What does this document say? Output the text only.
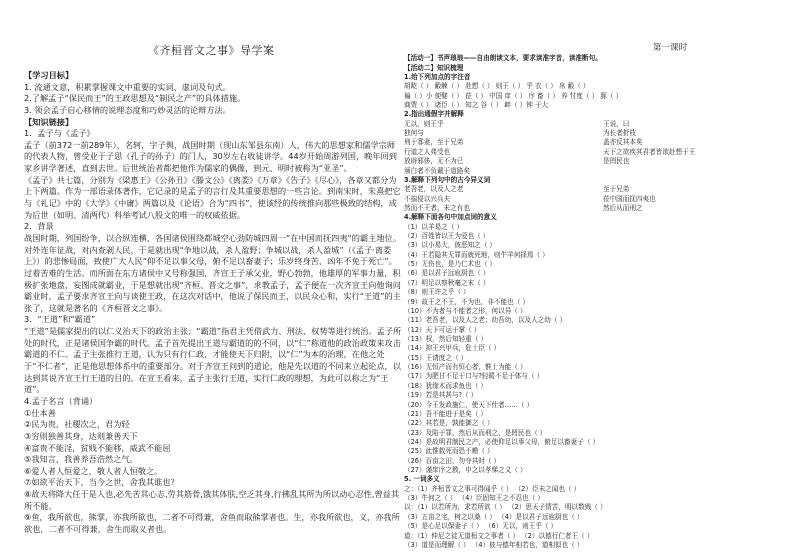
《齐桓晋文之事》导学案
【学习目标】
1. 流通文意，积累掌握课文中重要的实词、虚词及句式。
2.了解孟子“保民而王”的王政思想及“制民之产”的具体措施。
3. 领会孟子启心移情的说理态度和巧妙灵活的论辩方法。
【知识链接】
1．孟子与《孟子》
孟子（前372一前289年），名轲，字子舆，战国时期（现山东邹县东南）人，伟大的思想家和儒学宗师的代表人物，曾受业于子思（孔子的孙子）的门人，30岁左右收徒讲学。44岁开始周游列国，晚年回到家乡讲学著述，直到去世。后世统治者都把他作为儒家的偶像，到元、明时被称为“亚圣”。
《孟子》共七篇，分别为《梁惠王》《公孙丑》《滕文公》《离娄》《万章》《告子》《尽心》，各章又都分为上下两篇。作为一部语录体著作，它记录的是孟子的言行及其重要思想的一些言论。到南宋时，朱熹把它与《礼记》中的《大学》《中庸》两篇以及《论语》合为“四书”，使该经的传统推向那些极致的结构，成为后世（如明、清两代）科举考试八股文的唯一的权威依据。
2．背景
战国时期，列国纷争，以合纵连横，各国诸侯围绕都城空心劲防城四周一“在中国而抚四夷”的霸主地位。对外连年征战，对内查剥人民，于是就出现“争地以战，杀人盈野；争城以战，杀人盈城”（《孟子·离娄上》）的悲惨局面，致使广大人民“仰不足以事父母，俯不足以畜妻子；乐岁终身苦，凶年不免于死亡”。过着苦难的生活。而所面在东方诸侯中又号称强国，齐宣王子承父业，野心勃勃，他雄厚的军事力量，积极扩张地盘，妄图成就霸业，于是想就出现“齐桓、晋文之事”，求教孟子，孟子便在一次齐宣王向他询问霸业时，孟子要求齐宣王向与谈使王政，在这次对话中，他说了保民而王，以民众心和，实行“王道”的主张了，这就是著名的《齐桓晋文之事》。
3．“王道”和“霸道”
“王道”是儒家提出的以仁义治天下的政治主张；“霸道”指君主凭借武力、刑法、权势等进行统治。孟子所处的时代，正是诸侯国争霸的时代。孟子首先提出王道与霸道的的不同，以“仁”称道他的政治政策来攻击霸道的不仁。孟子主张推行王道，认为只有行仁政，才能使天下归附，以“仁”为本的治理，在他之处于“不仁者”，正是他思想体系中的重要部分。对于齐宣王问到的道论，他是先以道的不同来立起论点，以达到其说齐宣王行王道的目的。在宣王看来，孟子主张行王道，实行仁政的理想，为此可以称之为“王道”。
4.孟子名言（背诵）
①仕本善
②民为贵，社稷次之，君为轻
③穷则独善其身，达则兼善天下
④富贵不能淫，贫贱不能移，威武不能屈
⑤我知言，我善养吾浩然之气。
⑥爱人者人恒爱之，敬人者人恒敬之。
⑦如欲平治天下，当今之世，舍我其谁也？
⑧故天将降大任于是人也,必先苦其心志,劳其筋骨,饿其体肤,空乏其身,行拂乱其所为所以动心忍性,曾益其所不能。
⑨鱼，我所欲也，熊掌，亦我所欲也，二者不可得兼，舍鱼而取熊掌者也。生，亦我所欲也，义，亦我所欲也，二者不可得兼，舍生而取义者也。
第一课时
【活动一】书声琅琅——自由朗读文本，要求读准字音，读准断句。
【活动二】知识梳理
1.给下列加点的字注音
胡龁（ ） 觳觫（ ） 赴愬（ ） 则王（ ） 乎 衣（ ） 帛 觳（ ）
褊（ ）小 便嬖（ ） 莅（ ） 中国 庠（ ） 序 畜（ ） 养 忖度（ ） 豚（ ）
商贾（ ） 诸臣（ ） 知之 谷（ ） 衅（ ）钟 于大
2.指出通假字并解释
无以，则王乎
独何与
刑于寡妻，至于兄弟
行道之人弗受也
放辟邪侈，无不为已
颁白者不负戴于道路矣
王说，曰
为长者折枝
盖亦反其本矣
天下之欲疾其君者皆欲赴想于王
是罔民也
3.解释下列句中的古今异义词
老吾老，以及人之老
不揣侵以兴兵夫
然而不王者，未之有也
至于兄弟
莅中国而抚四夷也
然后从而刑之
4.解释下面各句中加点词的意义
（1）以羊易之（ ）
（2）百姓皆以王为爱也（ ）
（3）以小易大，彼恶知之（ ）
（4）王若隐其无罪而就死地，则牛羊何择焉（ ）
（5）无伤也，是乃仁术也（ ）
（6）是以君子远庖厨也（ ）
（7）明足以察秋毫之末（ ）
（8）则王许之乎（ ）
（9）故王之不王，不为也，非不能也（ ）
（10）不为者与不能者之形，何以异（ ）
（11）老吾老，以及人之老；幼吾幼，以及人之幼（ ）
（12）天下可运于掌（ ）
（13）权，然后知轻重（ ）
（14）抑王兴甲兵，危士臣（ ）
（15）王请度之（ ）
（16）无恒产而有恒心者，惟士为能（ ）
（17）为肥甘不足于口与?轻暖不足于体与（ ）
（18）犹缘木而求鱼也（ ）
（19）若是其甚与?（ ）
（20）今王发政施仁，使天下仕者……（ ）
（21）吾不能进于是矣（ ）
（22）其若是，孰能御之（ ）
（23）及陷于罪，然后从而刑之，是罔民也（ ）
（24）是故明君制民之产，必使仰足以事父母，俯足以畜妻子（ ）
（25）此惟救死而恐不赡（ ）
（26）百亩之田，勿夺其时（ ）
（27）谨庠序之教，申之以孝悌之义（ ）
5. 一词多义
之：（1）齐桓晋文之事可得闻乎（ ） （2）臣未之闻也（ ）
（3）牛何之（ ） （4）臣固知王之不忍也（ ）
以：（1）以若所为，求若所欲（ ） （2）思天子情苦，明以数贱（ ）
（3）五亩之宅，树之以桑（ ） （4）是以君子远庖厨也（ ）
（5）是心足以保妻子（ ） （6）无以，则王乎（ ）
道：（1）仲尼之徒无道桓文之事者（ ） （2）以德行仁者王（ ）
（3）道是而理解（ ） （4）彼与德年相若也，道相似也（ ）
